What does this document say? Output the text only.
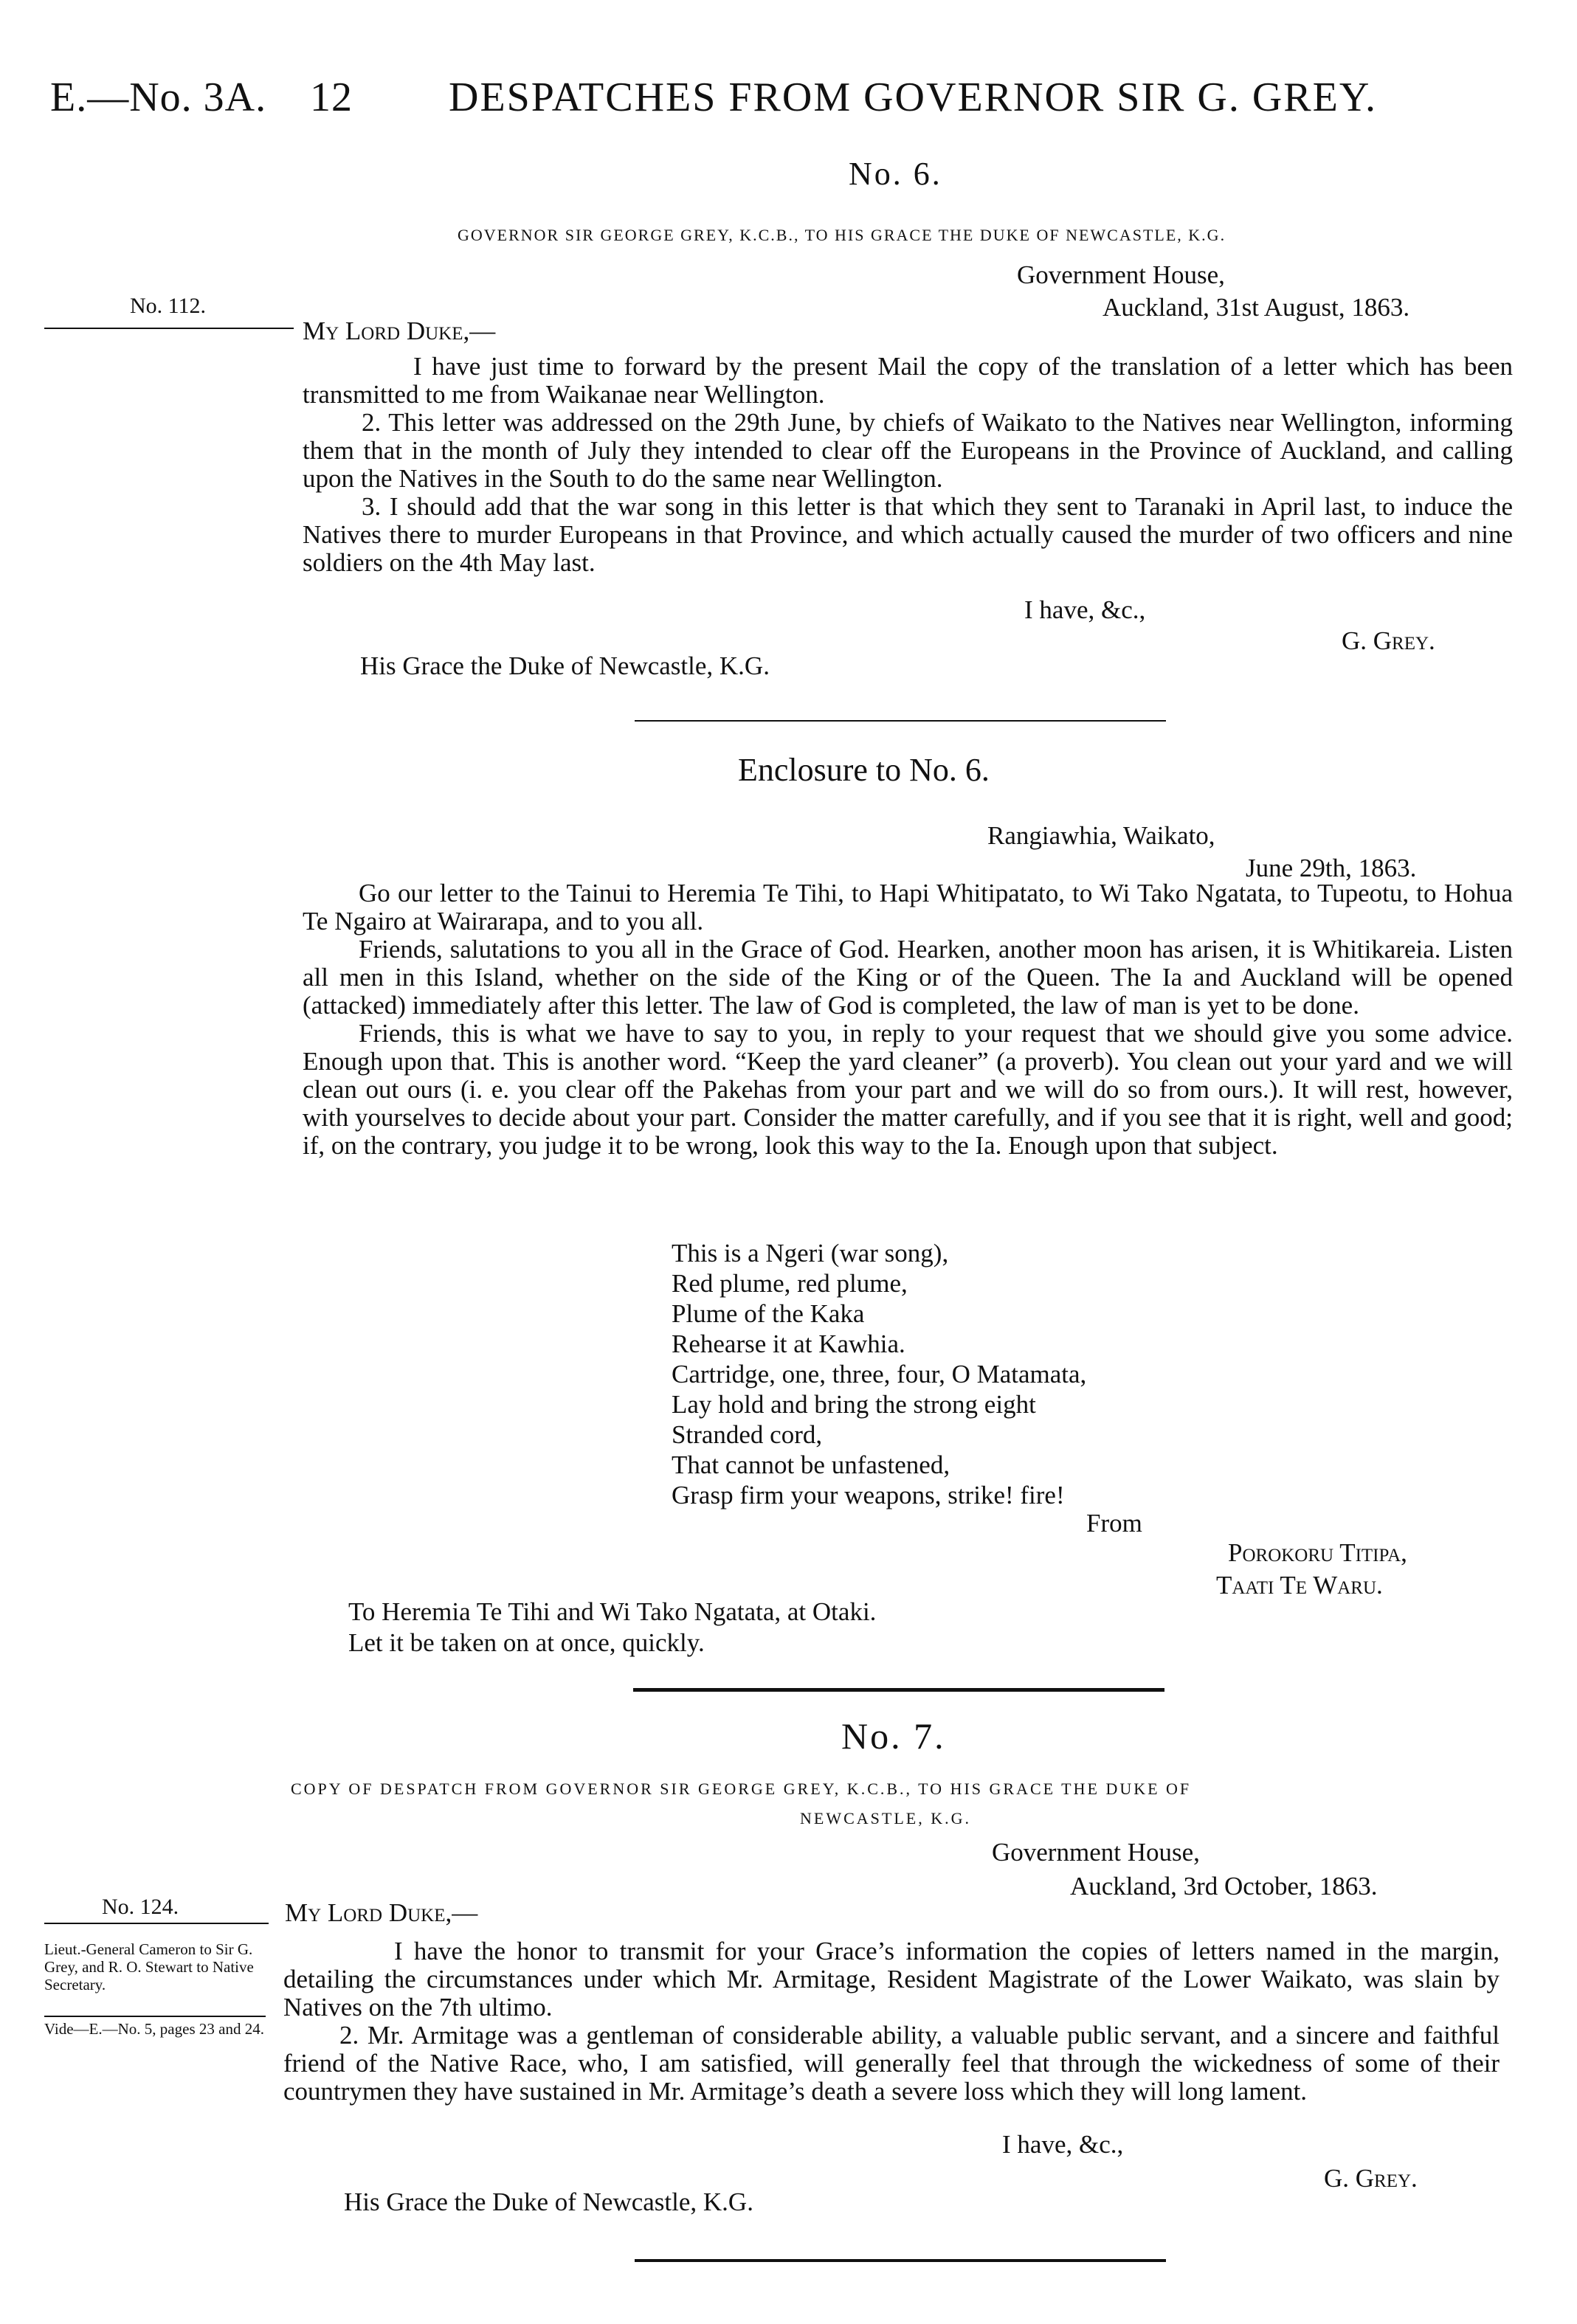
E.—No. 3A. 12 DESPATCHES FROM GOVERNOR SIR G. GREY.
No. 6.
GOVERNOR SIR GEORGE GREY, K.C.B., TO HIS GRACE THE DUKE OF NEWCASTLE, K.G.
Government House,
Auckland, 31st August, 1863.
No. 112.
My Lord Duke,—

I have just time to forward by the present Mail the copy of the translation of a letter which has been transmitted to me from Waikanae near Wellington.

2. This letter was addressed on the 29th June, by chiefs of Waikato to the Natives near Wellington, informing them that in the month of July they intended to clear off the Europeans in the Province of Auckland, and calling upon the Natives in the South to do the same near Wellington.

3. I should add that the war song in this letter is that which they sent to Taranaki in April last, to induce the Natives there to murder Europeans in that Province, and which actually caused the murder of two officers and nine soldiers on the 4th May last.

I have, &c.,
G. Grey.
His Grace the Duke of Newcastle, K.G.
Enclosure to No. 6.
Rangiawhia, Waikato,
June 29th, 1863.

Go our letter to the Tainui to Heremia Te Tihi, to Hapi Whitipatato, to Wi Tako Ngatata, to Tupeotu, to Hohua Te Ngairo at Wairarapa, and to you all.

Friends, salutations to you all in the Grace of God. Hearken, another moon has arisen, it is Whitikareia. Listen all men in this Island, whether on the side of the King or of the Queen. The Ia and Auckland will be opened (attacked) immediately after this letter. The law of God is completed, the law of man is yet to be done.

Friends, this is what we have to say to you, in reply to your request that we should give you some advice. Enough upon that. This is another word. “Keep the yard cleaner” (a proverb). You clean out your yard and we will clean out ours (i. e. you clear off the Pakehas from your part and we will do so from ours.). It will rest, however, with yourselves to decide about your part. Consider the matter carefully, and if you see that it is right, well and good; if, on the contrary, you judge it to be wrong, look this way to the Ia. Enough upon that subject.

This is a Ngeri (war song),
Red plume, red plume,
Plume of the Kaka
Rehearse it at Kawhia.
Cartridge, one, three, four, O Matamata,
Lay hold and bring the strong eight
Stranded cord,
That cannot be unfastened,
Grasp firm your weapons, strike! fire!
From
Porokoru Titipa,
Taati Te Waru.
To Heremia Te Tihi and Wi Tako Ngatata, at Otaki.
Let it be taken on at once, quickly.
No. 7.
COPY OF DESPATCH FROM GOVERNOR SIR GEORGE GREY, K.C.B., TO HIS GRACE THE DUKE OF
NEWCASTLE, K.G.
Government House,
Auckland, 3rd October, 1863.
No. 124.
Lieut.-General Cameron to Sir G. Grey, and R. O. Stewart to Native Secretary.
Vide—E.—No. 5, pages 23 and 24.
My Lord Duke,—

I have the honor to transmit for your Grace’s information the copies of letters named in the margin, detailing the circumstances under which Mr. Armitage, Resident Magistrate of the Lower Waikato, was slain by Natives on the 7th ultimo.

2. Mr. Armitage was a gentleman of considerable ability, a valuable public servant, and a sincere and faithful friend of the Native Race, who, I am satisfied, will generally feel that through the wickedness of some of their countrymen they have sustained in Mr. Armitage’s death a severe loss which they will long lament.

I have, &c.,
G. Grey.
His Grace the Duke of Newcastle, K.G.
